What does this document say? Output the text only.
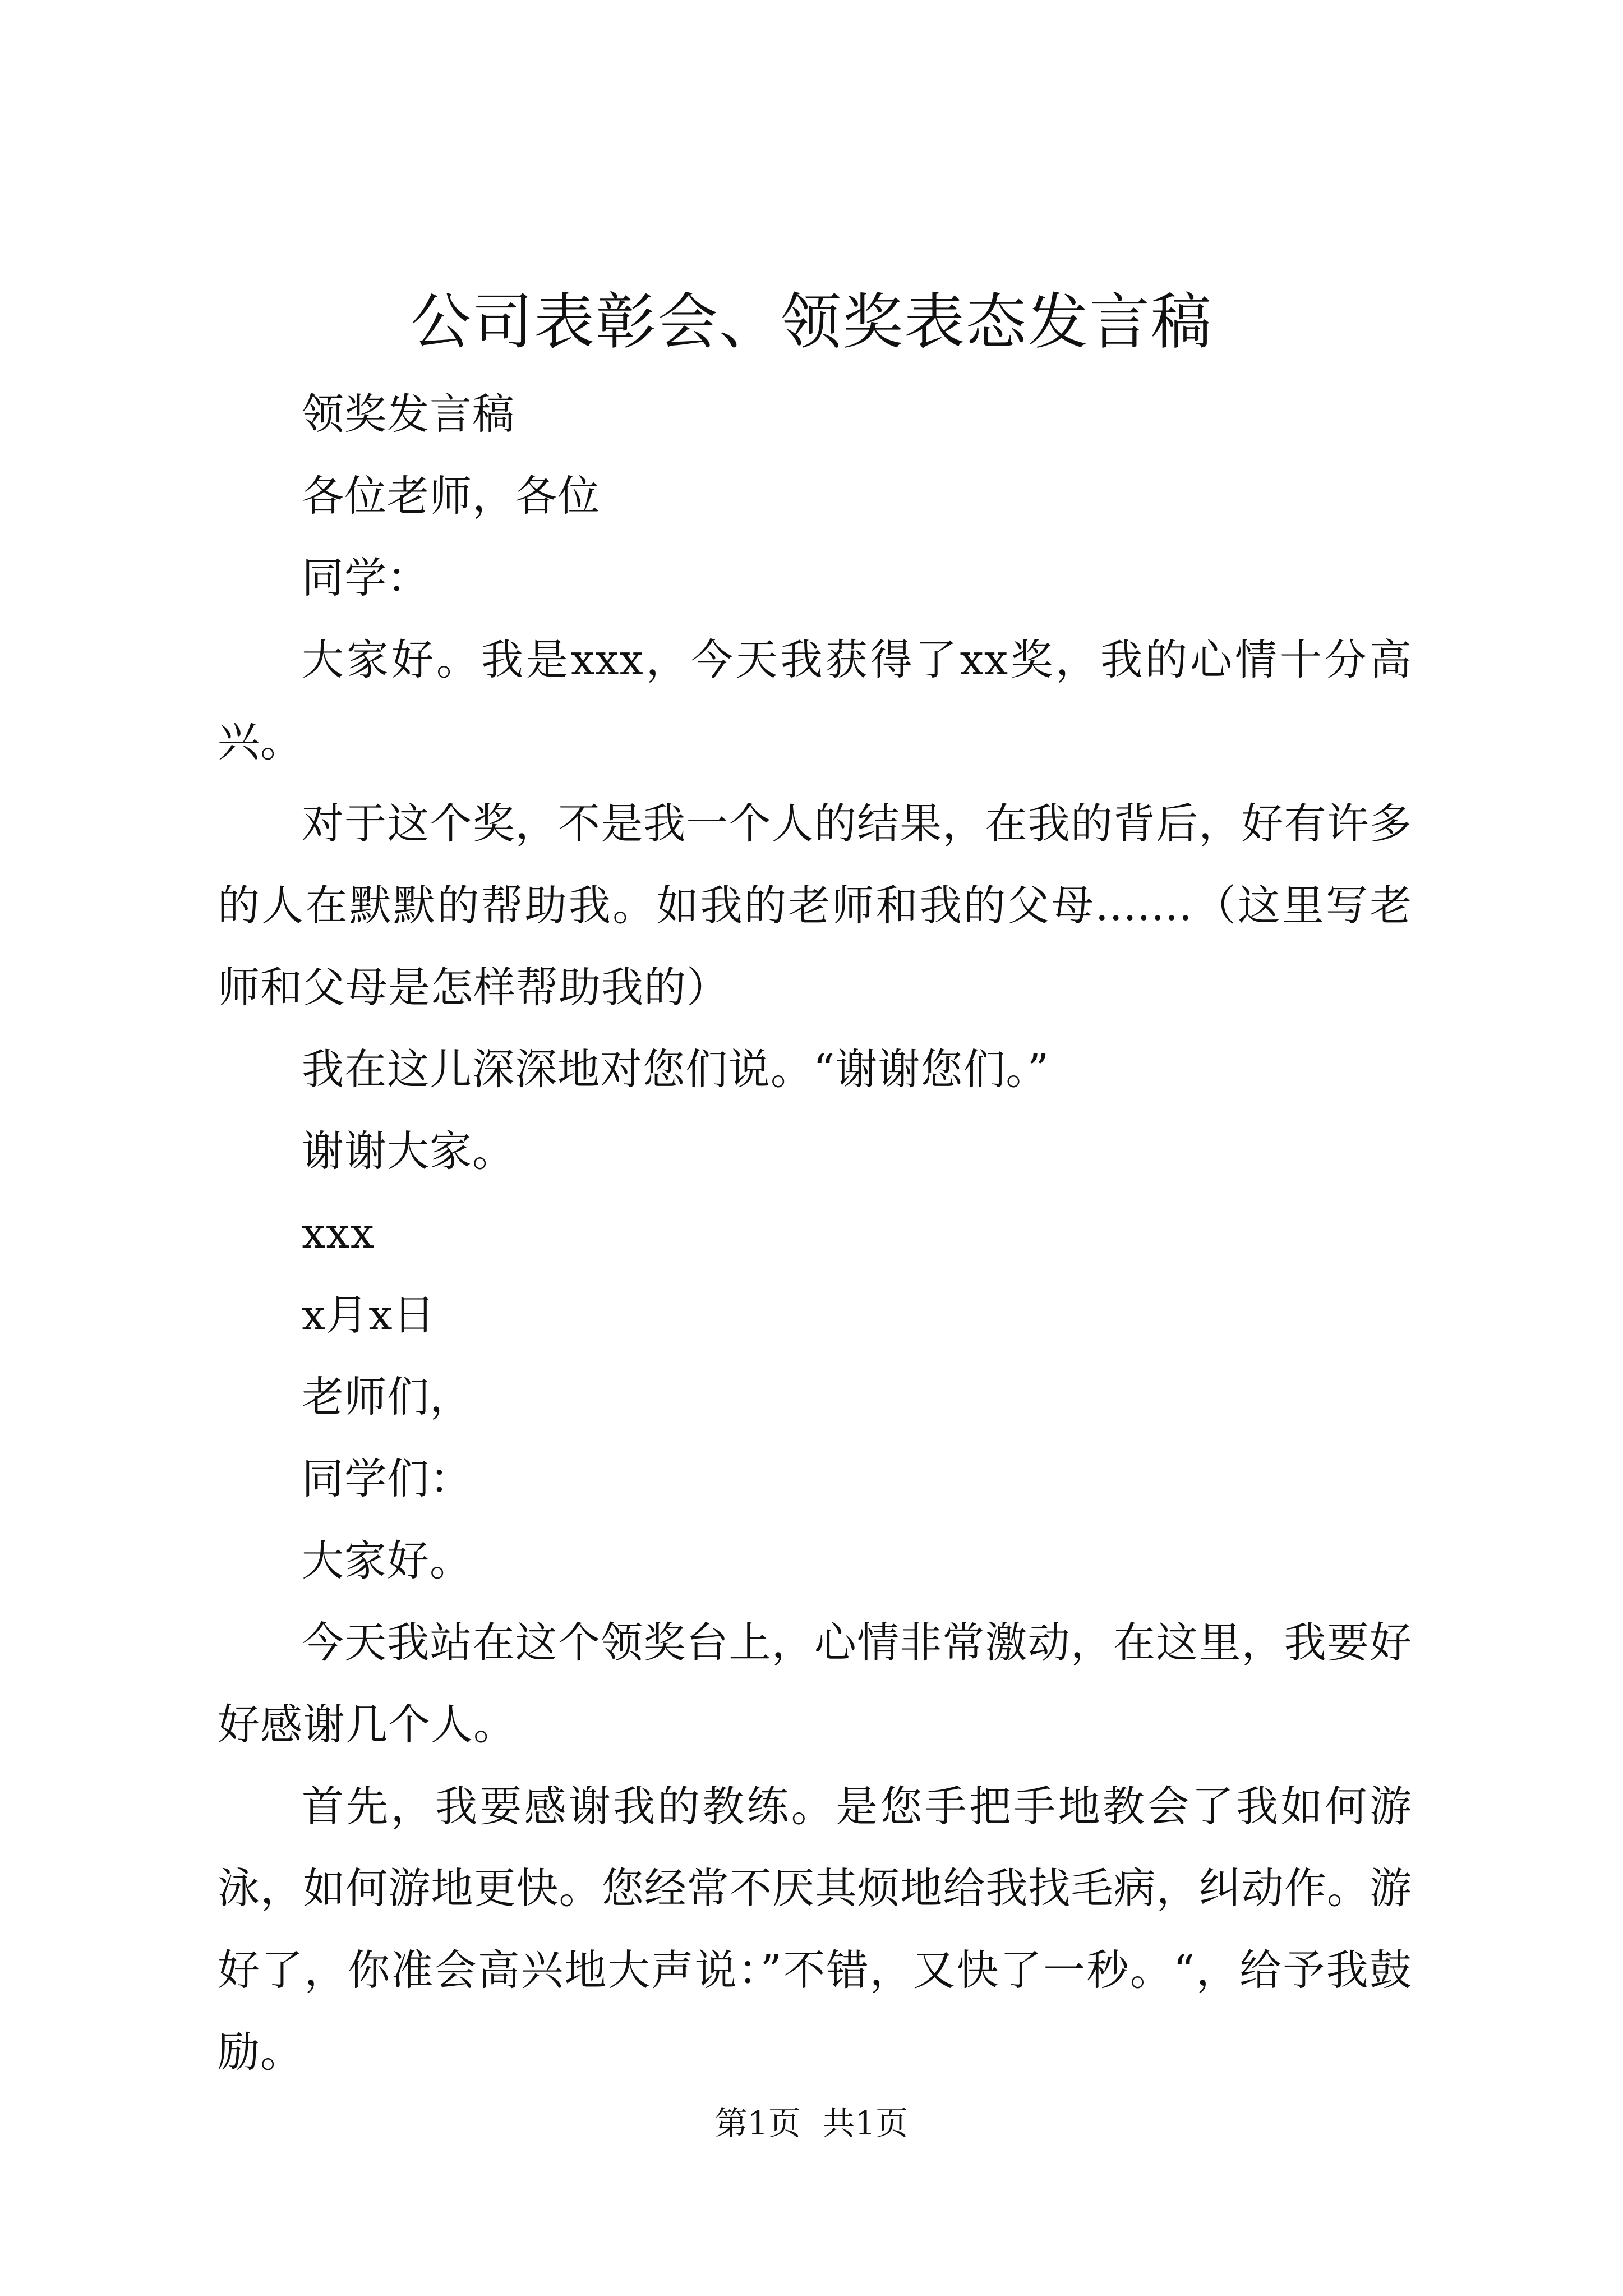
公司表彰会、领奖表态发言稿

领奖发言稿

各位老师，各位

同学：

大家好。我是xxx，今天我获得了xx奖，我的心情十分高兴。

对于这个奖，不是我一个人的结果，在我的背后，好有许多的人在默默的帮助我。如我的老师和我的父母.......（这里写老师和父母是怎样帮助我的）

我在这儿深深地对您们说。“谢谢您们。”

谢谢大家。

xxx

x月x日

老师们，

同学们：

大家好。

今天我站在这个领奖台上，心情非常激动，在这里，我要好好感谢几个人。

首先，我要感谢我的教练。是您手把手地教会了我如何游泳，如何游地更快。您经常不厌其烦地给我找毛病，纠动作。游好了，你准会高兴地大声说：”不错，又快了一秒。“，给予我鼓励。

第1页 共1页
